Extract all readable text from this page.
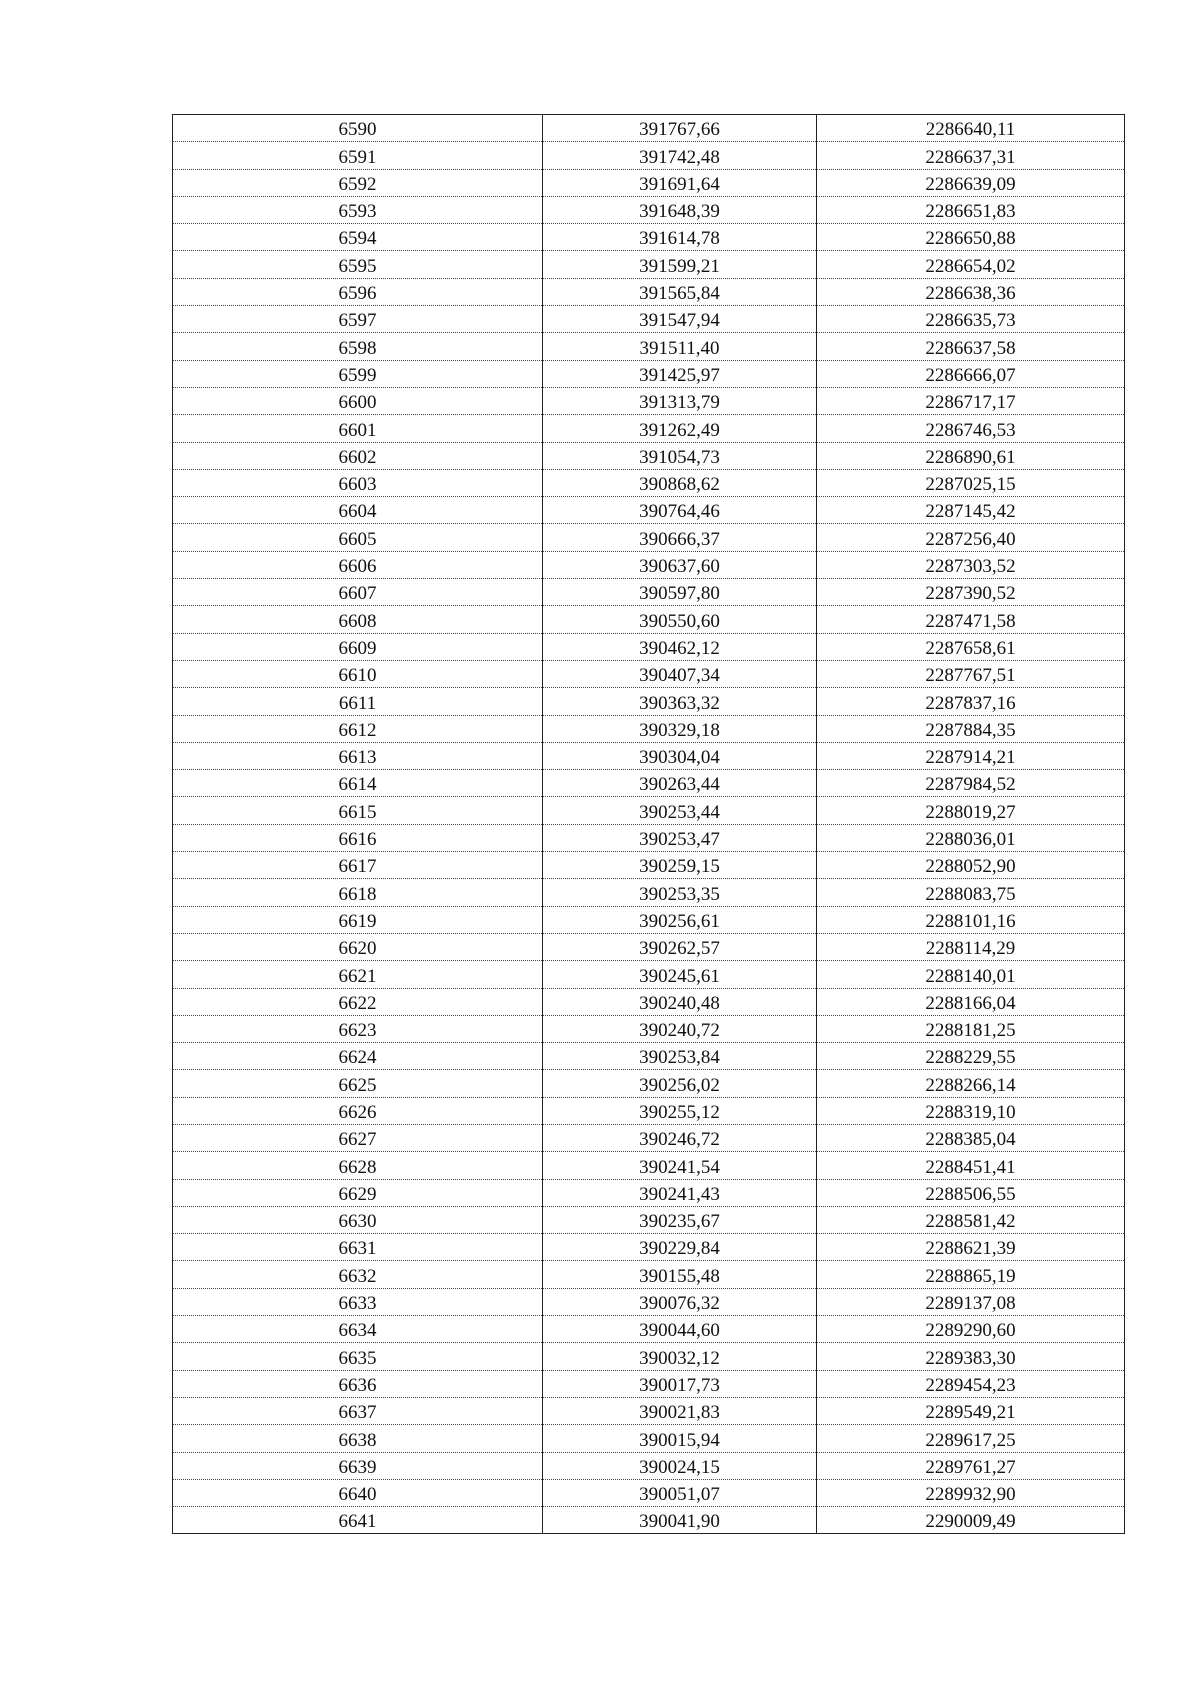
6590	391767,66	2286640,11
6591	391742,48	2286637,31
6592	391691,64	2286639,09
6593	391648,39	2286651,83
6594	391614,78	2286650,88
6595	391599,21	2286654,02
6596	391565,84	2286638,36
6597	391547,94	2286635,73
6598	391511,40	2286637,58
6599	391425,97	2286666,07
6600	391313,79	2286717,17
6601	391262,49	2286746,53
6602	391054,73	2286890,61
6603	390868,62	2287025,15
6604	390764,46	2287145,42
6605	390666,37	2287256,40
6606	390637,60	2287303,52
6607	390597,80	2287390,52
6608	390550,60	2287471,58
6609	390462,12	2287658,61
6610	390407,34	2287767,51
6611	390363,32	2287837,16
6612	390329,18	2287884,35
6613	390304,04	2287914,21
6614	390263,44	2287984,52
6615	390253,44	2288019,27
6616	390253,47	2288036,01
6617	390259,15	2288052,90
6618	390253,35	2288083,75
6619	390256,61	2288101,16
6620	390262,57	2288114,29
6621	390245,61	2288140,01
6622	390240,48	2288166,04
6623	390240,72	2288181,25
6624	390253,84	2288229,55
6625	390256,02	2288266,14
6626	390255,12	2288319,10
6627	390246,72	2288385,04
6628	390241,54	2288451,41
6629	390241,43	2288506,55
6630	390235,67	2288581,42
6631	390229,84	2288621,39
6632	390155,48	2288865,19
6633	390076,32	2289137,08
6634	390044,60	2289290,60
6635	390032,12	2289383,30
6636	390017,73	2289454,23
6637	390021,83	2289549,21
6638	390015,94	2289617,25
6639	390024,15	2289761,27
6640	390051,07	2289932,90
6641	390041,90	2290009,49
